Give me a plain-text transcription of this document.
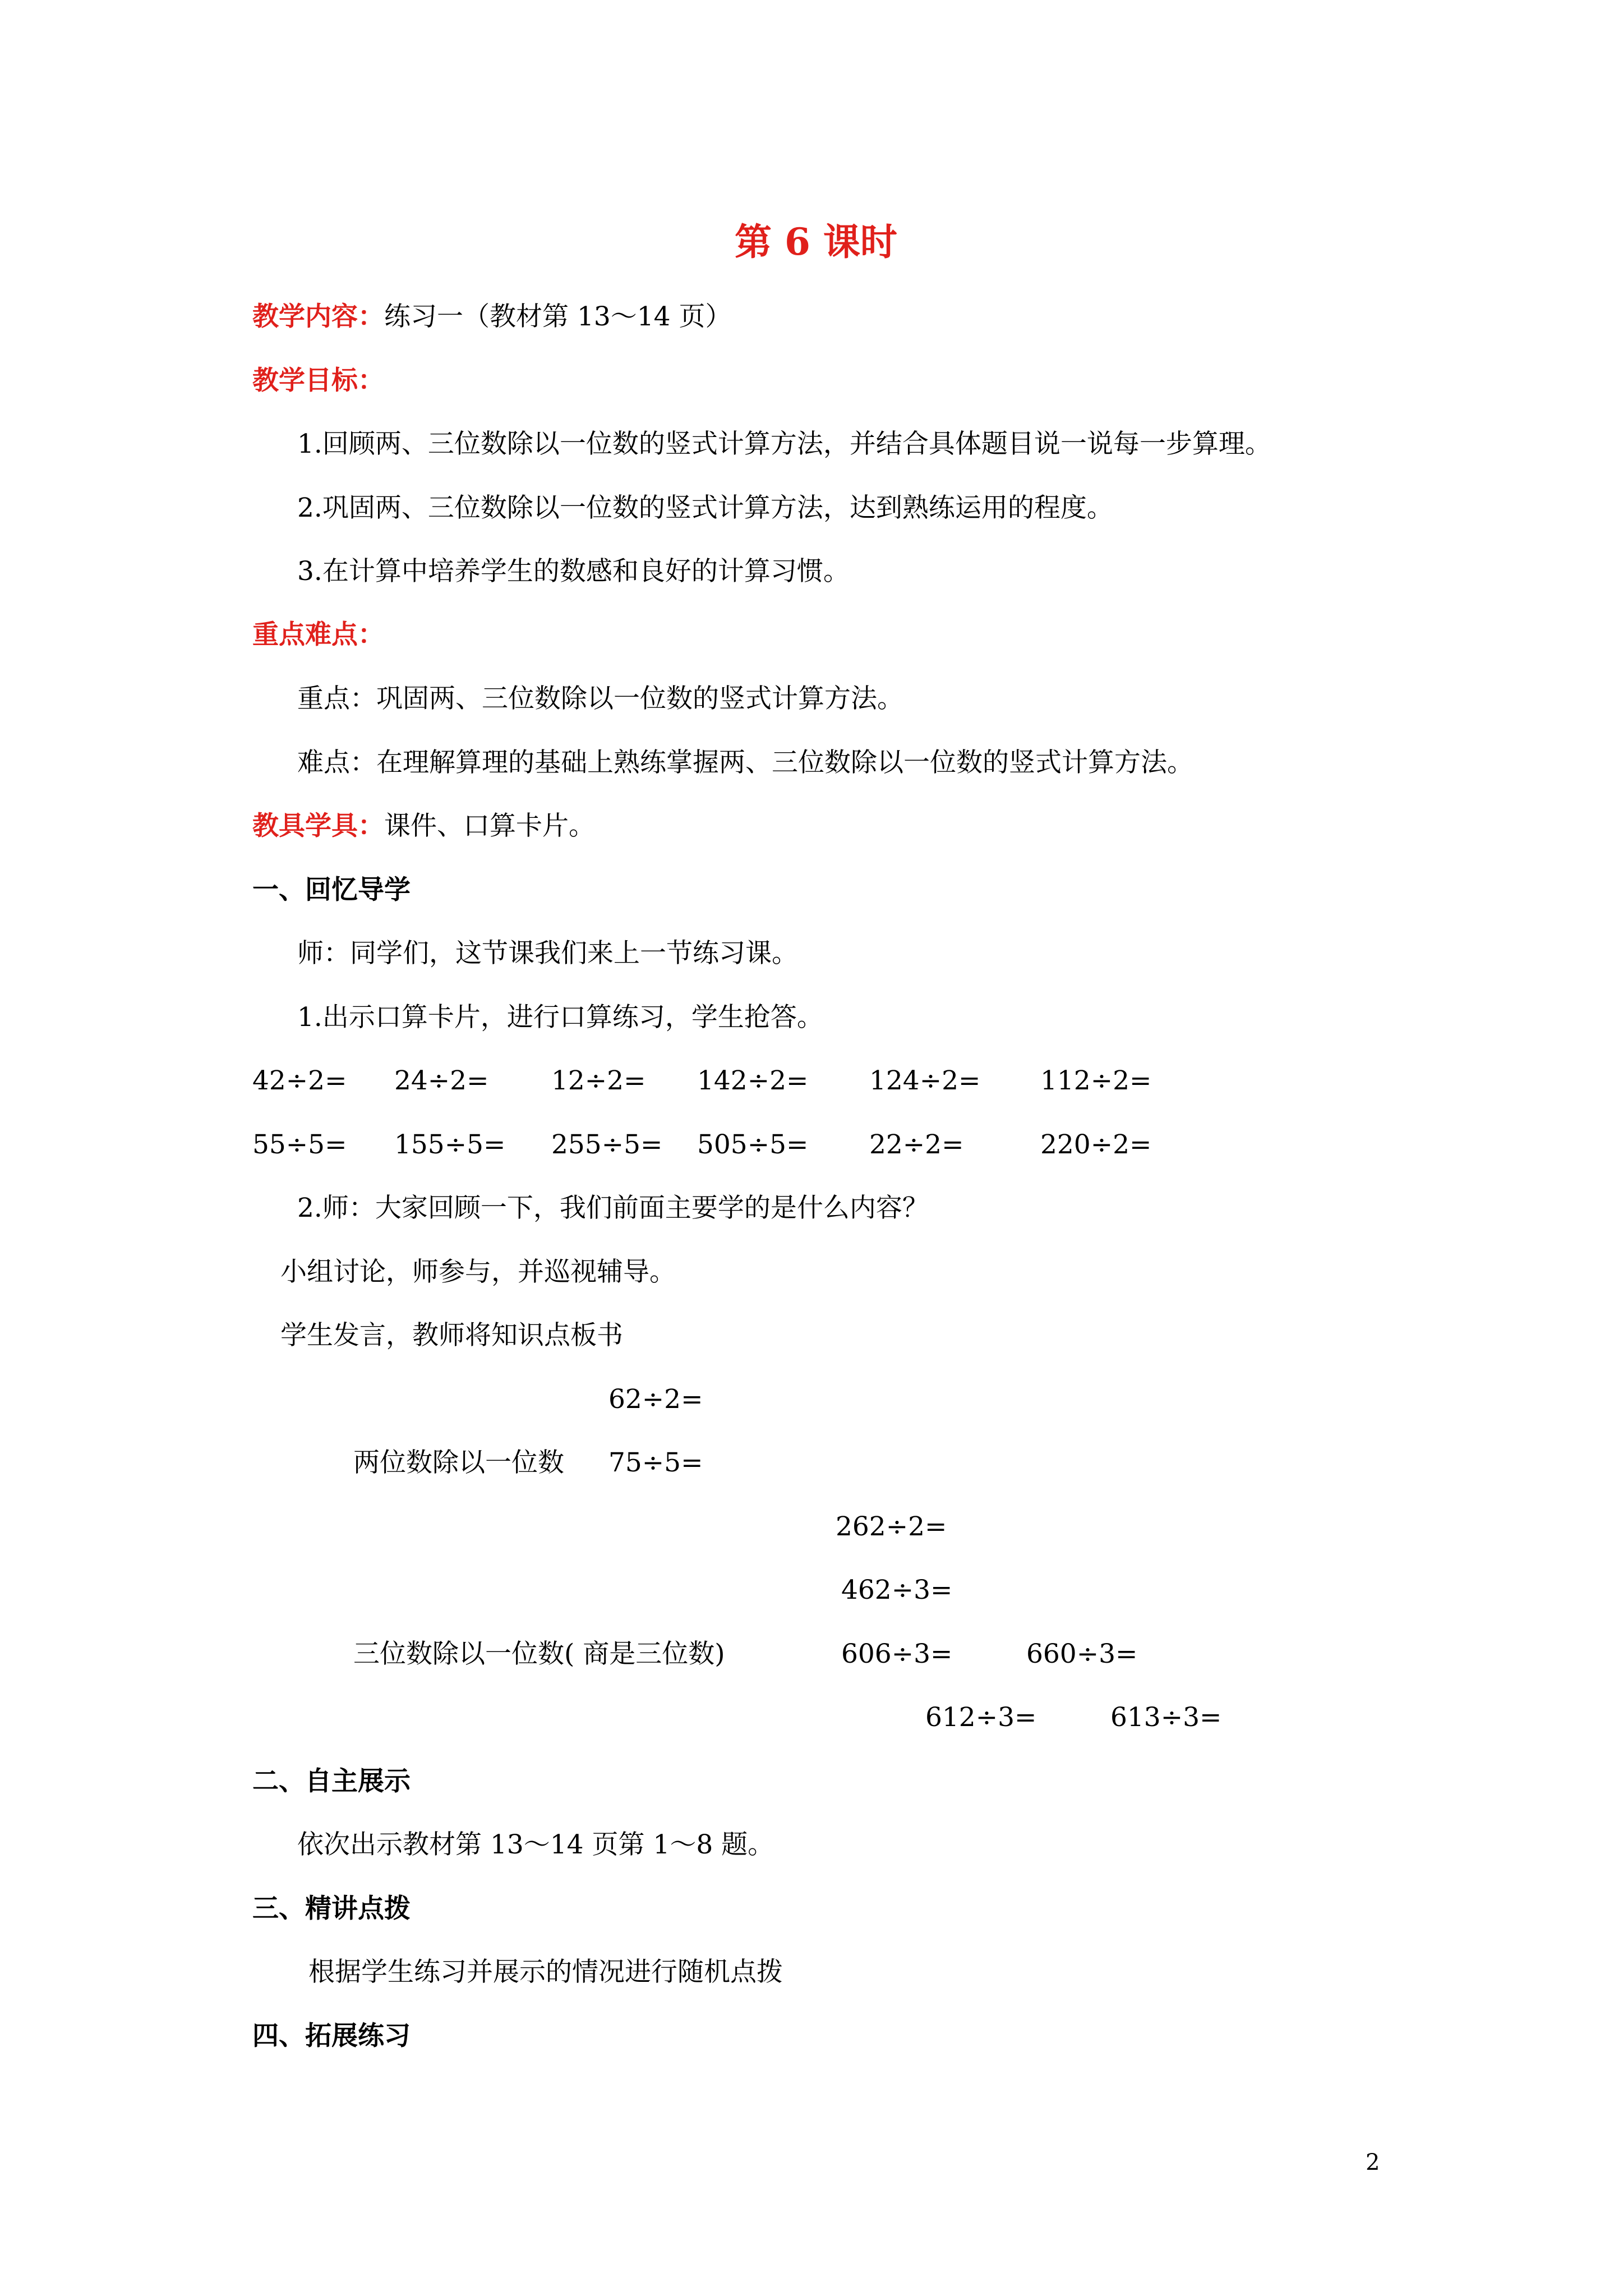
第 6 课时
教学内容：练习一（教材第 13～14 页）
教学目标：
1.回顾两、三位数除以一位数的竖式计算方法，并结合具体题目说一说每一步算理。
2.巩固两、三位数除以一位数的竖式计算方法，达到熟练运用的程度。
3.在计算中培养学生的数感和良好的计算习惯。
重点难点：
重点：巩固两、三位数除以一位数的竖式计算方法。
难点：在理解算理的基础上熟练掌握两、三位数除以一位数的竖式计算方法。
教具学具：课件、口算卡片。
一、回忆导学
师：同学们，这节课我们来上一节练习课。
1.出示口算卡片，进行口算练习，学生抢答。
42÷2= 24÷2= 12÷2= 142÷2= 124÷2= 112÷2=
55÷5= 155÷5= 255÷5= 505÷5= 22÷2=	220÷2=
2.师：大家回顾一下，我们前面主要学的是什么内容？
小组讨论，师参与，并巡视辅导。
学生发言，教师将知识点板书
62÷2=
两位数除以一位数 75÷5=
262÷2=
462÷3=
三位数除以一位数( 商是三位数)	606÷3=	660÷3=
612÷3=	613÷3=
二、自主展示
依次出示教材第 13～14 页第 1～8 题。
三、精讲点拨
根据学生练习并展示的情况进行随机点拨
四、拓展练习
2
